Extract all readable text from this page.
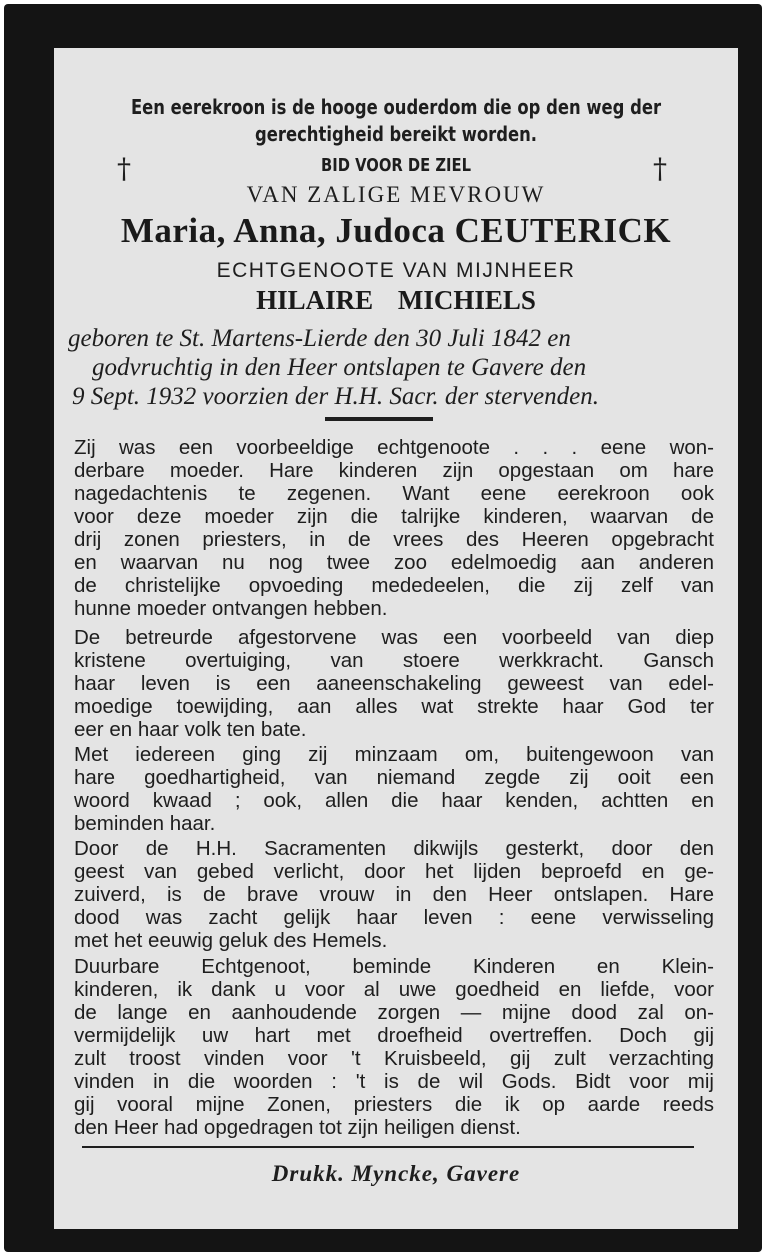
Een eerekroon is de hooge ouderdom die op den weg der
gerechtigheid bereikt worden.
†	†
BID VOOR DE ZIEL
VAN ZALIGE MEVROUW
Maria, Anna, Judoca CEUTERICK
ECHTGENOOTE VAN MIJNHEER
HILAIRE MICHIELS
geboren te St. Martens-Lierde den 30 Juli 1842 en
godvruchtig in den Heer ontslapen te Gavere den
9 Sept. 1932 voorzien der H.H. Sacr. der stervenden.
Zij was een voorbeeldige echtgenoote . . . eene won-
derbare moeder. Hare kinderen zijn opgestaan om hare
nagedachtenis te zegenen. Want eene eerekroon ook
voor deze moeder zijn die talrijke kinderen, waarvan de
drij zonen priesters, in de vrees des Heeren opgebracht
en waarvan nu nog twee zoo edelmoedig aan anderen
de christelijke opvoeding mededeelen, die zij zelf van
hunne moeder ontvangen hebben.
De betreurde afgestorvene was een voorbeeld van diep
kristene overtuiging, van stoere werkkracht. Gansch
haar leven is een aaneenschakeling geweest van edel-
moedige toewijding, aan alles wat strekte haar God ter
eer en haar volk ten bate.
Met iedereen ging zij minzaam om, buitengewoon van
hare goedhartigheid, van niemand zegde zij ooit een
woord kwaad ; ook, allen die haar kenden, achtten en
beminden haar.
Door de H.H. Sacramenten dikwijls gesterkt, door den
geest van gebed verlicht, door het lijden beproefd en ge-
zuiverd, is de brave vrouw in den Heer ontslapen. Hare
dood was zacht gelijk haar leven : eene verwisseling
met het eeuwig geluk des Hemels.
Duurbare Echtgenoot, beminde Kinderen en Klein-
kinderen, ik dank u voor al uwe goedheid en liefde, voor
de lange en aanhoudende zorgen — mijne dood zal on-
vermijdelijk uw hart met droefheid overtreffen. Doch gij
zult troost vinden voor 't Kruisbeeld, gij zult verzachting
vinden in die woorden : 't is de wil Gods. Bidt voor mij
gij vooral mijne Zonen, priesters die ik op aarde reeds
den Heer had opgedragen tot zijn heiligen dienst.
Drukk. Myncke, Gavere
